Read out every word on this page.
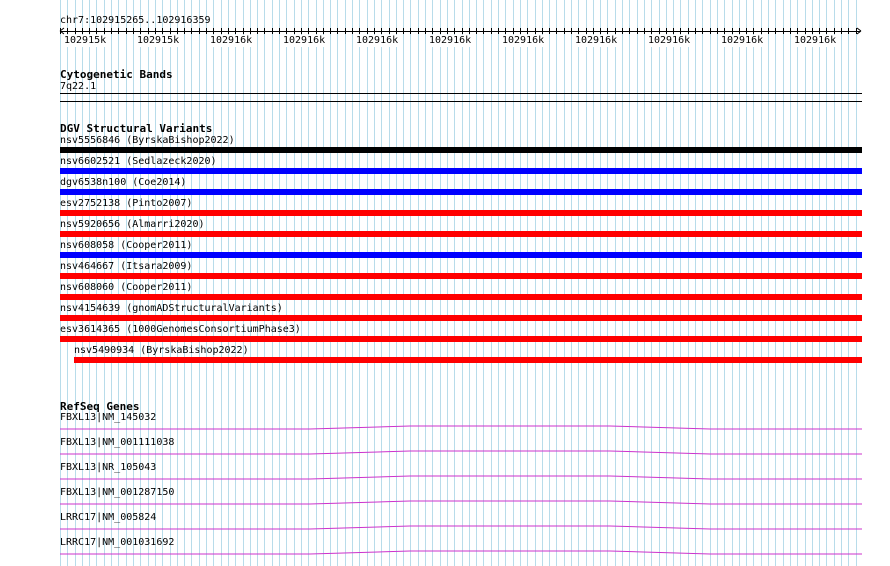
chr7:102915265..102916359
102915k	102915k	102916k	102916k	102916k	102916k	102916k	102916k	102916k	102916k	102916k
Cytogenetic Bands
7q22.1
DGV Structural Variants
nsv5556846 (ByrskaBishop2022)
nsv6602521 (Sedlazeck2020)
dgv6538n100 (Coe2014)
esv2752138 (Pinto2007)
nsv5920656 (Almarri2020)
nsv608058 (Cooper2011)
nsv464667 (Itsara2009)
nsv608060 (Cooper2011)
nsv4154639 (gnomADStructuralVariants)
esv3614365 (1000GenomesConsortiumPhase3)
nsv5490934 (ByrskaBishop2022)
RefSeq Genes
FBXL13|NM_145032
FBXL13|NM_001111038
FBXL13|NR_105043
FBXL13|NM_001287150
LRRC17|NM_005824
LRRC17|NM_001031692
